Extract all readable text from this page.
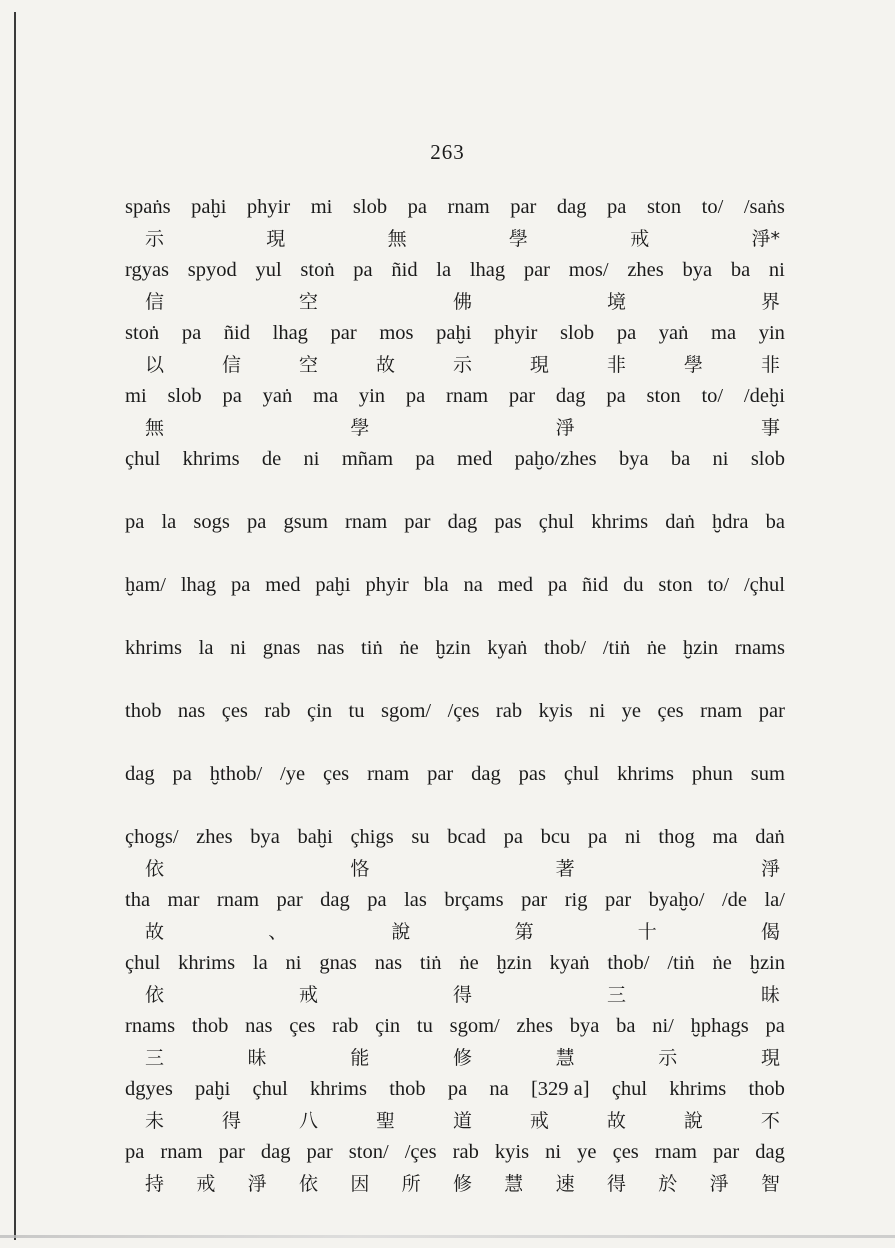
263
spaṅs paḫi phyir mi slob pa rnam par dag pa ston to/ /saṅs
示	現	無	學	戒	淨*
rgyas spyod yul stoṅ pa ñid la lhag par mos/ zhes bya ba ni
信	空	佛	境	界
stoṅ pa ñid lhag par mos paḫi phyir slob pa yaṅ ma yin
以	信	空	故	示	現	非	學	非
mi slob pa yaṅ ma yin pa rnam par dag pa ston to/ /deḫi
無	學	淨	事
çhul khrims de ni mñam pa med paḫo/zhes bya ba ni slob
pa la sogs pa gsum rnam par dag pas çhul khrims daṅ ḫdra ba
ḫam/ lhag pa med paḫi phyir bla na med pa ñid du ston to/ /çhul
khrims la ni gnas nas tiṅ ṅe ḫzin kyaṅ thob/ /tiṅ ṅe ḫzin rnams
thob nas çes rab çin tu sgom/ /çes rab kyis ni ye çes rnam par
dag pa ḫthob/ /ye çes rnam par dag pas çhul khrims phun sum
çhogs/ zhes bya baḫi çhigs su bcad pa bcu pa ni thog ma daṅ
依	恪	著	淨
tha mar rnam par dag pa las brçams par rig par byaḫo/ /de la/
故	、	說	第	十	偈
çhul khrims la ni gnas nas tiṅ ṅe ḫzin kyaṅ thob/ /tiṅ ṅe ḫzin
依	戒	得	三	昧
rnams thob nas çes rab çin tu sgom/ zhes bya ba ni/ ḫphags pa
三	昧	能	修	慧	示	現
dgyes paḫi çhul khrims thob pa na [329 a] çhul khrims thob
未	得	八	聖	道	戒	故	說	不
pa rnam par dag par ston/ /çes rab kyis ni ye çes rnam par dag
持 戒 淨 依 因 所 修 慧 速 得 於 淨 智
